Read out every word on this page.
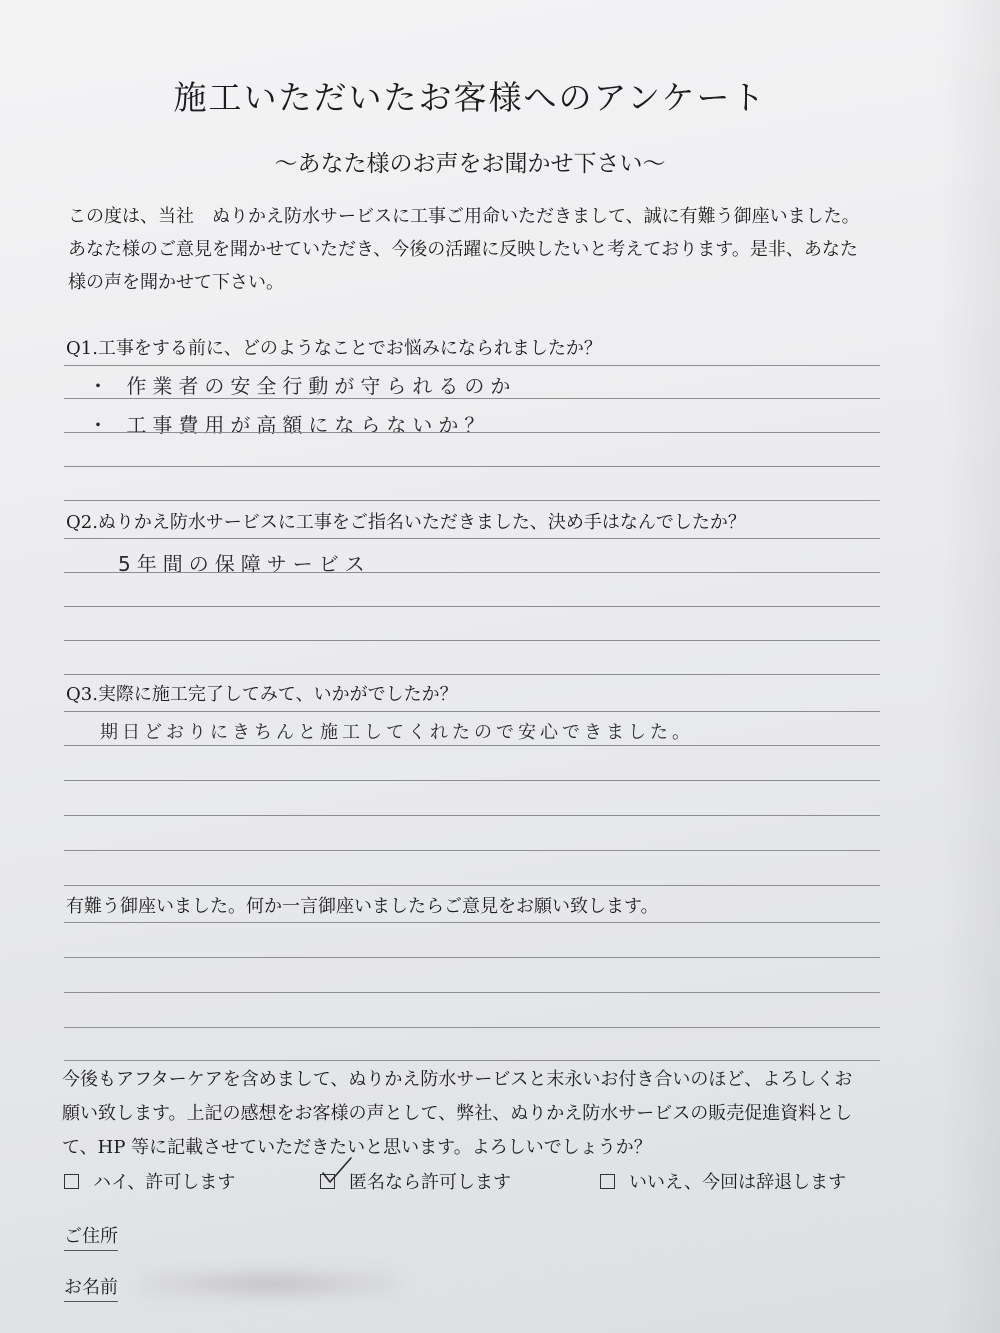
施工いただいたお客様へのアンケート
〜あなた様のお声をお聞かせ下さい〜
この度は、当社　ぬりかえ防水サービスに工事ご用命いただきまして、誠に有難う御座いました。
あなた様のご意見を聞かせていただき、今後の活躍に反映したいと考えております。是非、あなた
様の声を聞かせて下さい。
Q1.工事をする前に、どのようなことでお悩みになられましたか？
・ 作業者の安全行動が守られるのか
・ 工事費用が高額にならないか？
Q2.ぬりかえ防水サービスに工事をご指名いただきました、決め手はなんでしたか？
5年間の保障サービス
Q3.実際に施工完了してみて、いかがでしたか？
期日どおりにきちんと施工してくれたので安心できました。
有難う御座いました。何か一言御座いましたらご意見をお願い致します。
今後もアフターケアを含めまして、ぬりかえ防水サービスと末永いお付き合いのほど、よろしくお
願い致します。上記の感想をお客様の声として、弊社、ぬりかえ防水サービスの販売促進資料とし
て、HP 等に記載させていただきたいと思います。よろしいでしょうか？
ハイ、許可します	匿名なら許可します	いいえ、今回は辞退します
ご住所
お名前
